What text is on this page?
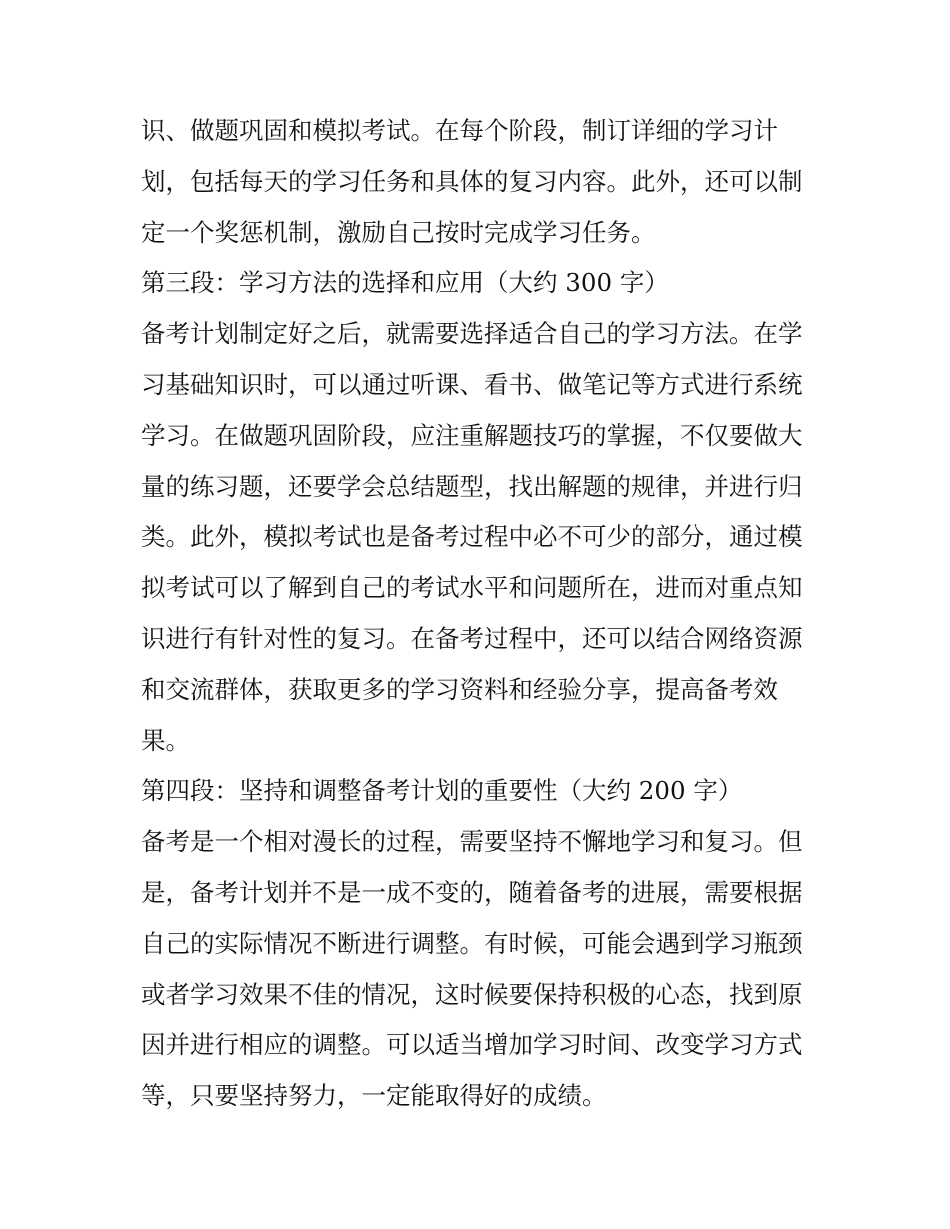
识、做题巩固和模拟考试。在每个阶段，制订详细的学习计
划，包括每天的学习任务和具体的复习内容。此外，还可以制
定一个奖惩机制，激励自己按时完成学习任务。
第三段：学习方法的选择和应用（大约 300 字）
备考计划制定好之后，就需要选择适合自己的学习方法。在学
习基础知识时，可以通过听课、看书、做笔记等方式进行系统
学习。在做题巩固阶段，应注重解题技巧的掌握，不仅要做大
量的练习题，还要学会总结题型，找出解题的规律，并进行归
类。此外，模拟考试也是备考过程中必不可少的部分，通过模
拟考试可以了解到自己的考试水平和问题所在，进而对重点知
识进行有针对性的复习。在备考过程中，还可以结合网络资源
和交流群体，获取更多的学习资料和经验分享，提高备考效
果。
第四段：坚持和调整备考计划的重要性（大约 200 字）
备考是一个相对漫长的过程，需要坚持不懈地学习和复习。但
是，备考计划并不是一成不变的，随着备考的进展，需要根据
自己的实际情况不断进行调整。有时候，可能会遇到学习瓶颈
或者学习效果不佳的情况，这时候要保持积极的心态，找到原
因并进行相应的调整。可以适当增加学习时间、改变学习方式
等，只要坚持努力，一定能取得好的成绩。
